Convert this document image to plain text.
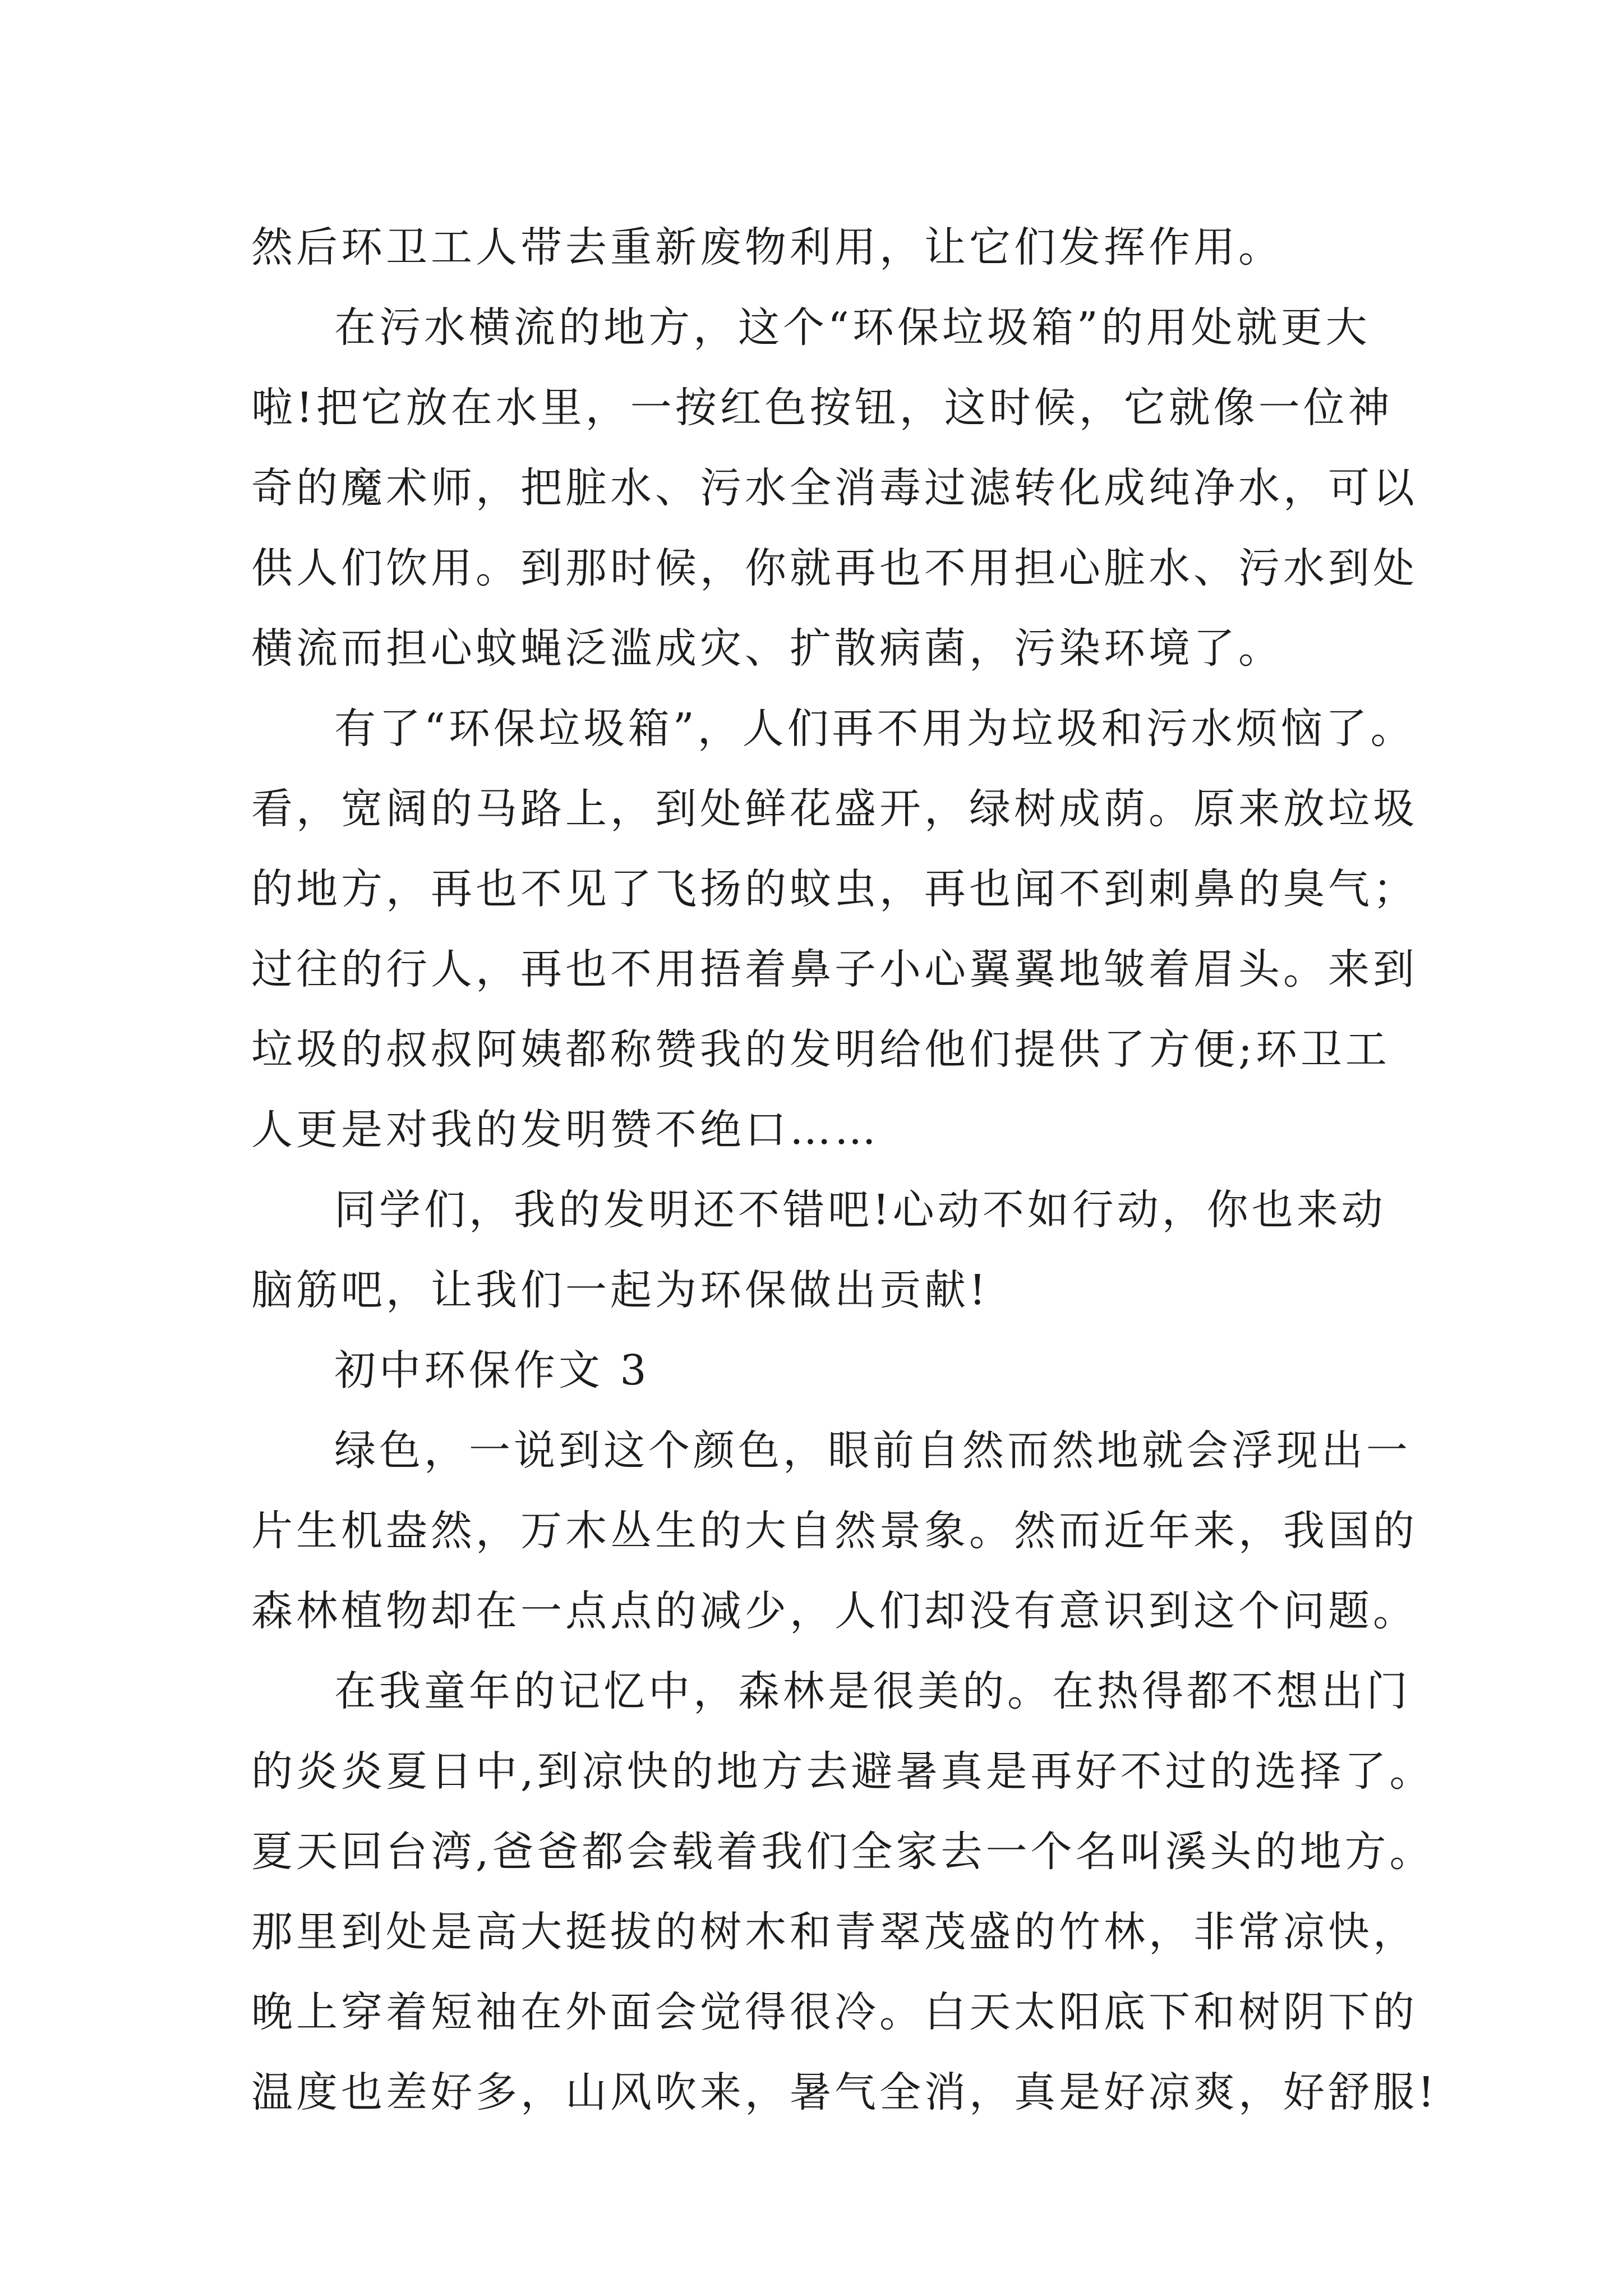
然后环卫工人带去重新废物利用，让它们发挥作用。
在污水横流的地方，这个“环保垃圾箱”的用处就更大
啦!把它放在水里，一按红色按钮，这时候，它就像一位神
奇的魔术师，把脏水、污水全消毒过滤转化成纯净水，可以
供人们饮用。到那时候，你就再也不用担心脏水、污水到处
横流而担心蚊蝇泛滥成灾、扩散病菌，污染环境了。
有了“环保垃圾箱”，人们再不用为垃圾和污水烦恼了。
看，宽阔的马路上，到处鲜花盛开，绿树成荫。原来放垃圾
的地方，再也不见了飞扬的蚊虫，再也闻不到刺鼻的臭气；
过往的行人，再也不用捂着鼻子小心翼翼地皱着眉头。来到
垃圾的叔叔阿姨都称赞我的发明给他们提供了方便;环卫工
人更是对我的发明赞不绝口……
同学们，我的发明还不错吧!心动不如行动，你也来动
脑筋吧，让我们一起为环保做出贡献!
初中环保作文 3
绿色，一说到这个颜色，眼前自然而然地就会浮现出一
片生机盎然，万木丛生的大自然景象。然而近年来，我国的
森林植物却在一点点的减少，人们却没有意识到这个问题。
在我童年的记忆中，森林是很美的。在热得都不想出门
的炎炎夏日中,到凉快的地方去避暑真是再好不过的选择了。
夏天回台湾,爸爸都会载着我们全家去一个名叫溪头的地方。
那里到处是高大挺拔的树木和青翠茂盛的竹林，非常凉快，
晚上穿着短袖在外面会觉得很冷。白天太阳底下和树阴下的
温度也差好多，山风吹来，暑气全消，真是好凉爽，好舒服!
